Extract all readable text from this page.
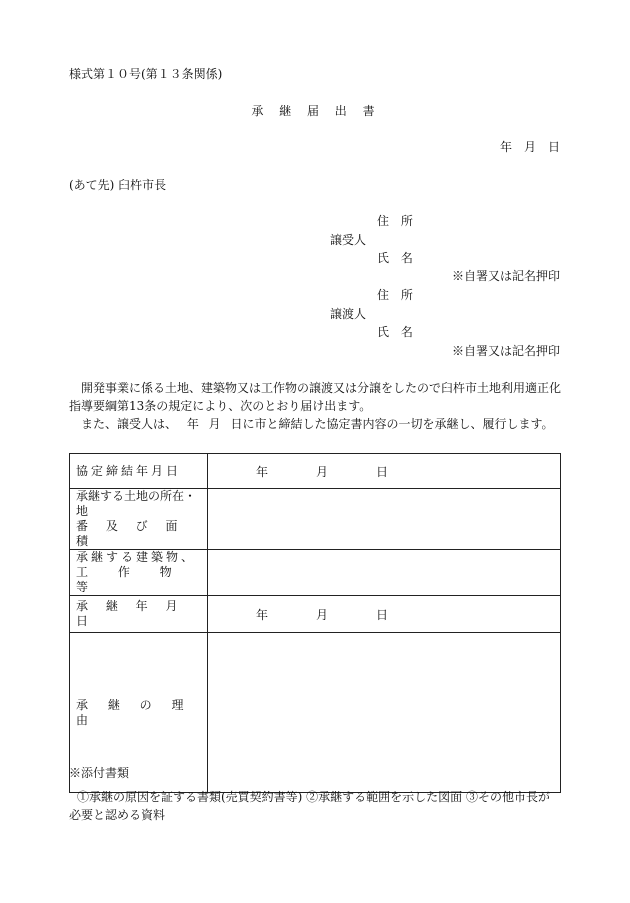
様式第１０号(第１３条関係)
承 継 届 出 書
年　月　日
(あて先) 臼杵市長
住 所
譲受人
氏 名
※自署又は記名押印
住 所
譲渡人
氏 名
※自署又は記名押印

開発事業に係る土地、建築物又は工作物の譲渡又は分譲をしたので臼杵市土地利用適正化指導要綱第13条の規定により、次のとおり届け出ます。

また、譲受人は、 年 月 日に市と締結した協定書内容の一切を承継し、履行します。

協定締結年月日	年 月 日

承継する土地の所在・地
番 及 び 面 積	

承継する建築物、
工 作 物 等	

承 継 年 月 日	年 月 日

承 継 の 理 由	
※添付書類
①承継の原因を証する書類(売買契約書等) ②承継する範囲を示した図面 ③その他市長が必要と認める資料
